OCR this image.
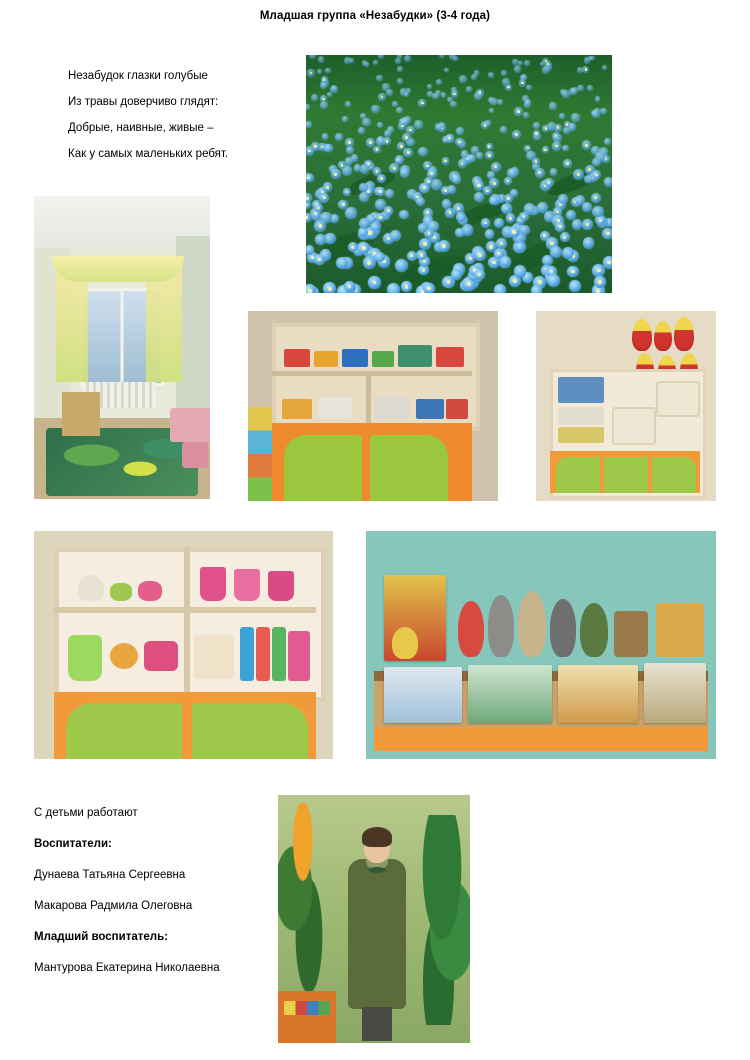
Младшая группа «Незабудки» (3-4 года)
Незабудок глазки голубые
Из травы доверчиво глядят:
Добрые, наивные, живые –
Как у самых маленьких ребят.
С детьми работают
Воспитатели:
Дунаева Татьяна Сергеевна
Макарова Радмила Олеговна
Младший воспитатель:
Мантурова Екатерина Николаевна
